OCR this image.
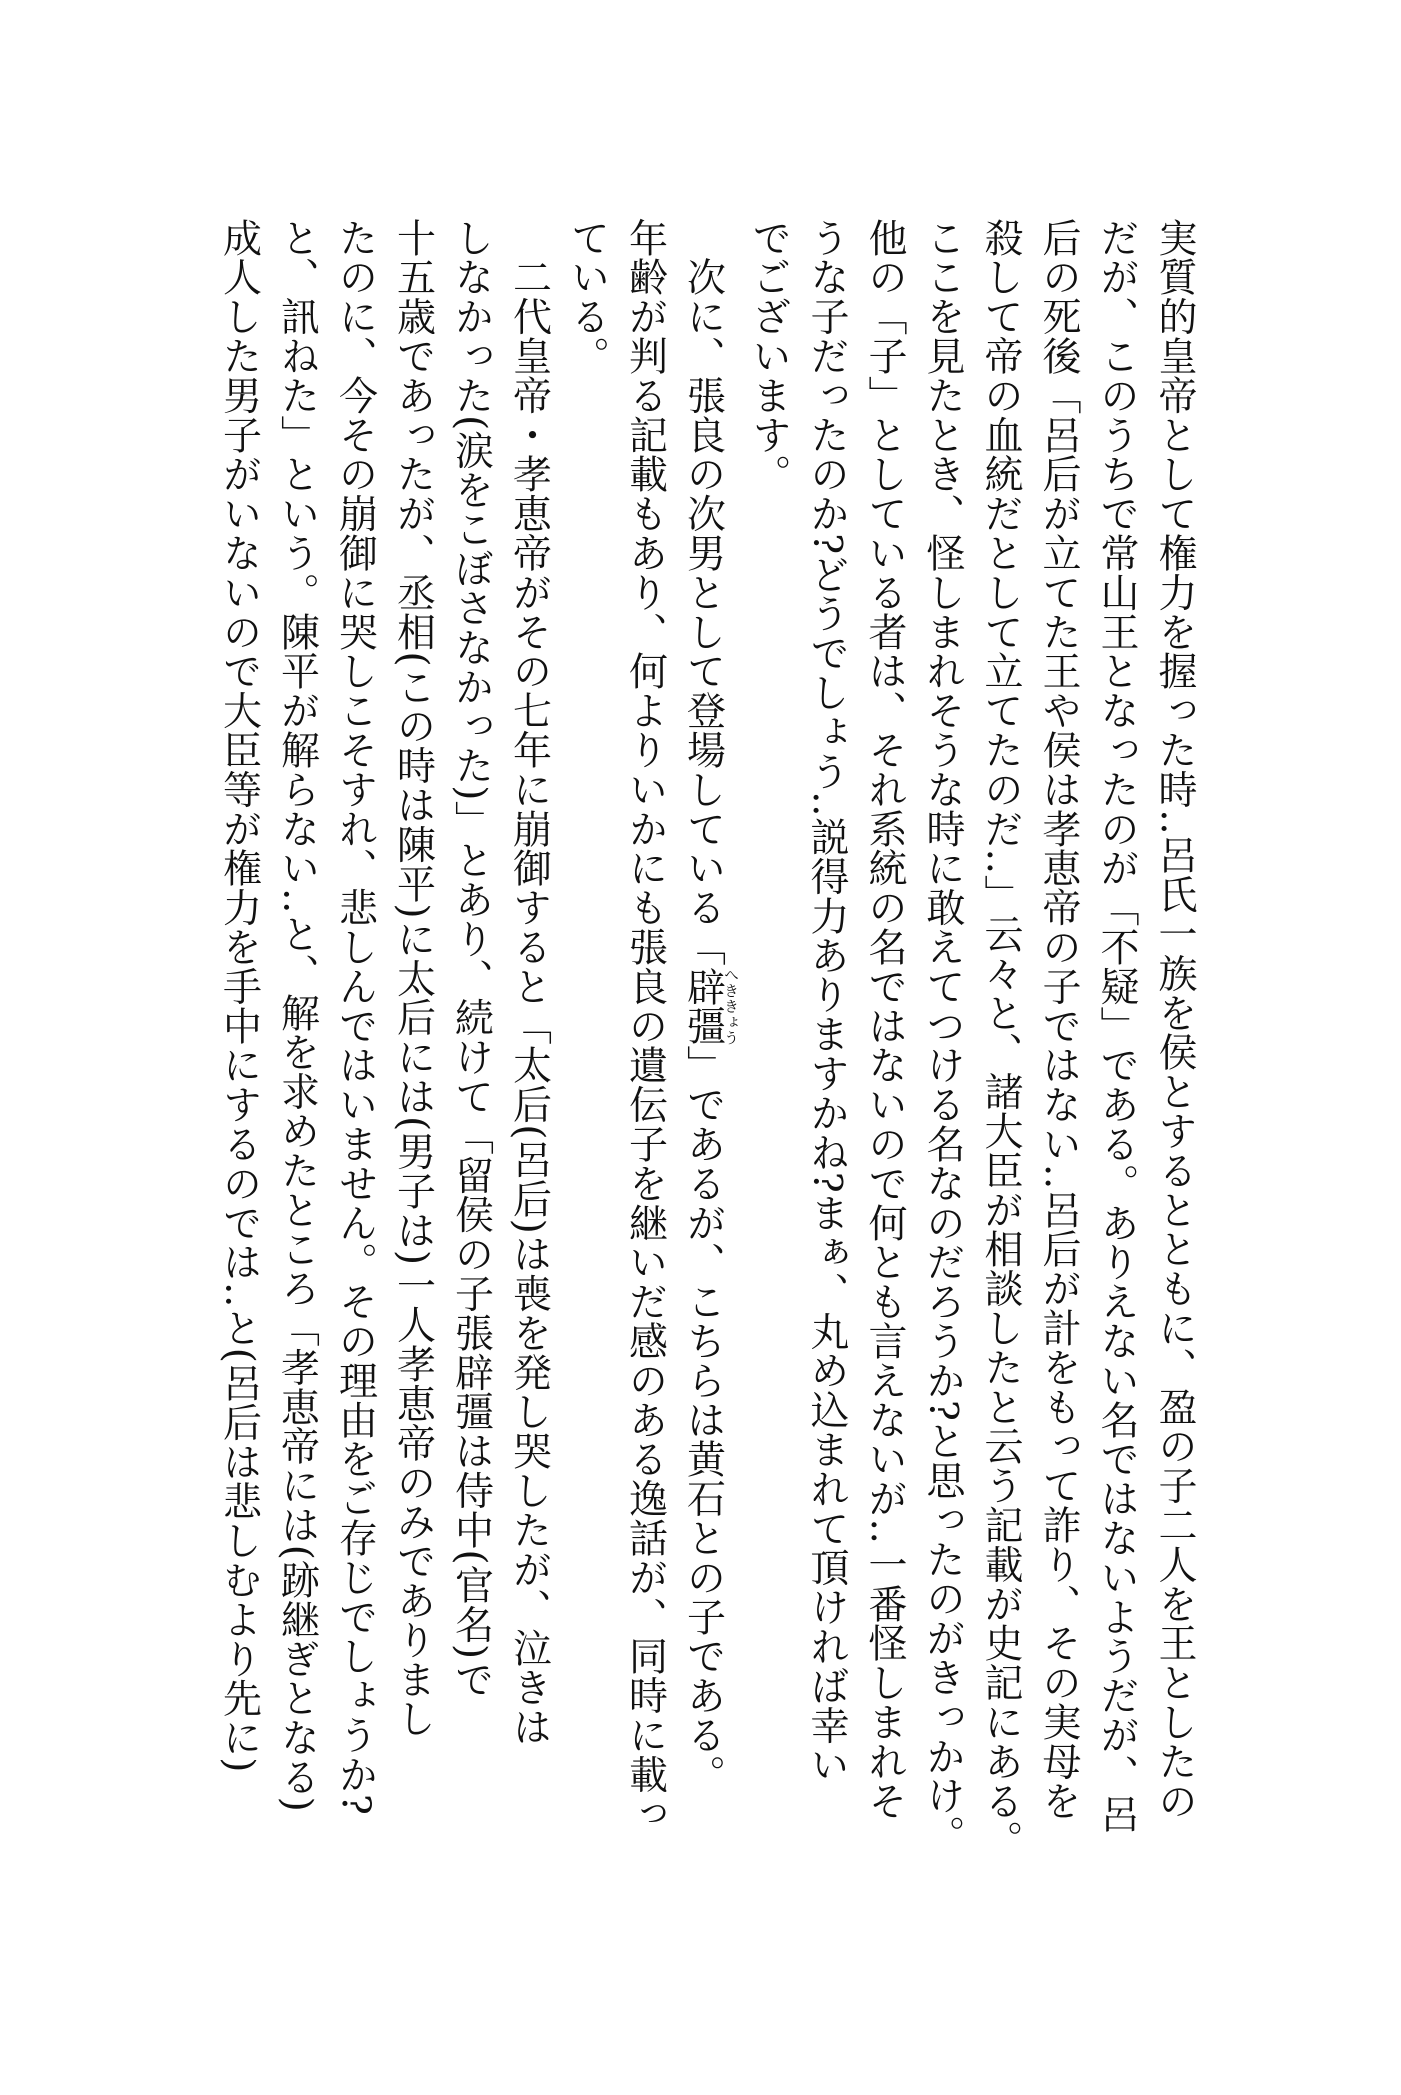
実質的皇帝として権力を握った時‥呂氏一族を侯とするとともに、盈の子二人を王としたの
だが、このうちで常山王となったのが「不疑」である。ありえない名ではないようだが、呂
后の死後「呂后が立てた王や侯は孝恵帝の子ではない‥呂后が計をもって詐り、その実母を
殺して帝の血統だとして立てたのだ‥」云々と、諸大臣が相談したと云う記載が史記にある。
ここを見たとき、怪しまれそうな時に敢えてつける名なのだろうか?と思ったのがきっかけ。
他の「子」としている者は、それ系統の名ではないので何とも言えないが‥一番怪しまれそ
うな子だったのか?どうでしょう‥説得力ありますかね?まぁ、丸め込まれて頂ければ幸い
でございます。
　次に、張良の次男として登場している「辟彊へききょう」であるが、こちらは黄石との子である。
年齢が判る記載もあり、何よりいかにも張良の遺伝子を継いだ感のある逸話が、同時に載っ
ている。
　二代皇帝・孝恵帝がその七年に崩御すると「太后(呂后)は喪を発し哭したが、泣きは
しなかった(涙をこぼさなかった)」とあり、続けて「留侯の子張辟彊は侍中(官名)で
十五歳であったが、丞相(この時は陳平)に太后には(男子は)一人孝恵帝のみでありまし
たのに、今その崩御に哭しこそすれ、悲しんではいません。その理由をご存じでしょうか?
と、訊ねた」という。陳平が解らない‥と、解を求めたところ「孝恵帝には(跡継ぎとなる)
成人した男子がいないので大臣等が権力を手中にするのでは‥と(呂后は悲しむより先に)
